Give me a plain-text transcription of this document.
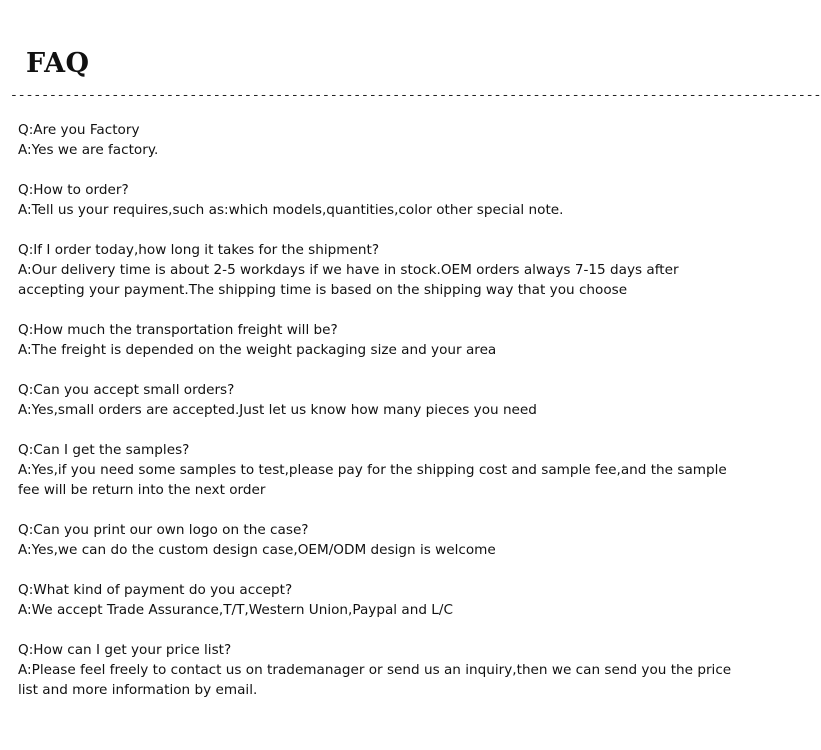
FAQ
--------------------------------------------------------------------------------------------------------

Q:Are you Factory

A:Yes we are factory.

Q:How to order?

A:Tell us your requires,such as:which models,quantities,color other special note.

Q:If I order today,how long it takes for the shipment?

A:Our delivery time is about 2-5 workdays if we have in stock.OEM orders always 7-15 days after accepting your payment.The shipping time is based on the shipping way that you choose

Q:How much the transportation freight will be?

A:The freight is depended on the weight packaging size and your area

Q:Can you accept small orders?

A:Yes,small orders are accepted.Just let us know how many pieces you need

Q:Can I get the samples?

A:Yes,if you need some samples to test,please pay for the shipping cost and sample fee,and the sample fee will be return into the next order

Q:Can you print our own logo on the case?

A:Yes,we can do the custom design case,OEM/ODM design is welcome

Q:What kind of payment do you accept?

A:We accept Trade Assurance,T/T,Western Union,Paypal and L/C

Q:How can I get your price list?

A:Please feel freely to contact us on trademanager or send us an inquiry,then we can send you the price list and more information by email.
